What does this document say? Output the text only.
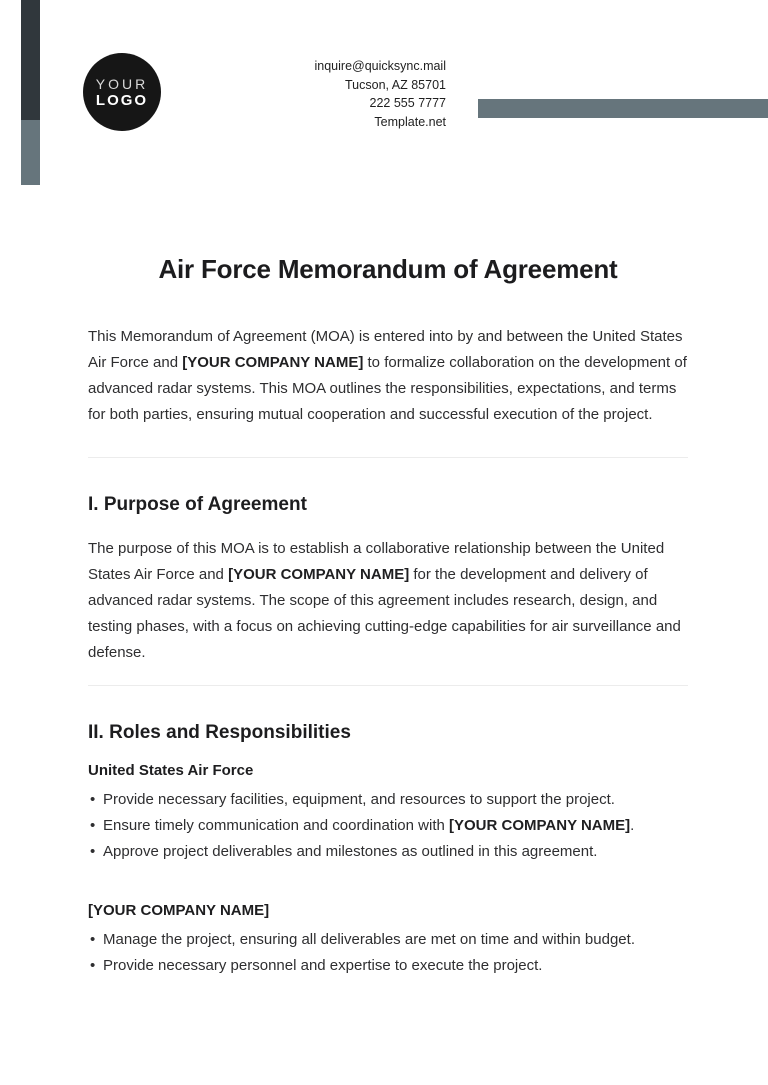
YOUR
LOGO
inquire@quicksync.mail
Tucson, AZ 85701
222 555 7777
Template.net
Air Force Memorandum of Agreement

This Memorandum of Agreement (MOA) is entered into by and between the United States Air Force and [YOUR COMPANY NAME] to formalize collaboration on the development of advanced radar systems. This MOA outlines the responsibilities, expectations, and terms for both parties, ensuring mutual cooperation and successful execution of the project.

I. Purpose of Agreement

The purpose of this MOA is to establish a collaborative relationship between the United States Air Force and [YOUR COMPANY NAME] for the development and delivery of advanced radar systems. The scope of this agreement includes research, design, and testing phases, with a focus on achieving cutting-edge capabilities for air surveillance and defense.

II. Roles and Responsibilities
United States Air Force
• Provide necessary facilities, equipment, and resources to support the project.
• Ensure timely communication and coordination with [YOUR COMPANY NAME].
• Approve project deliverables and milestones as outlined in this agreement.
[YOUR COMPANY NAME]
• Manage the project, ensuring all deliverables are met on time and within budget.
• Provide necessary personnel and expertise to execute the project.
